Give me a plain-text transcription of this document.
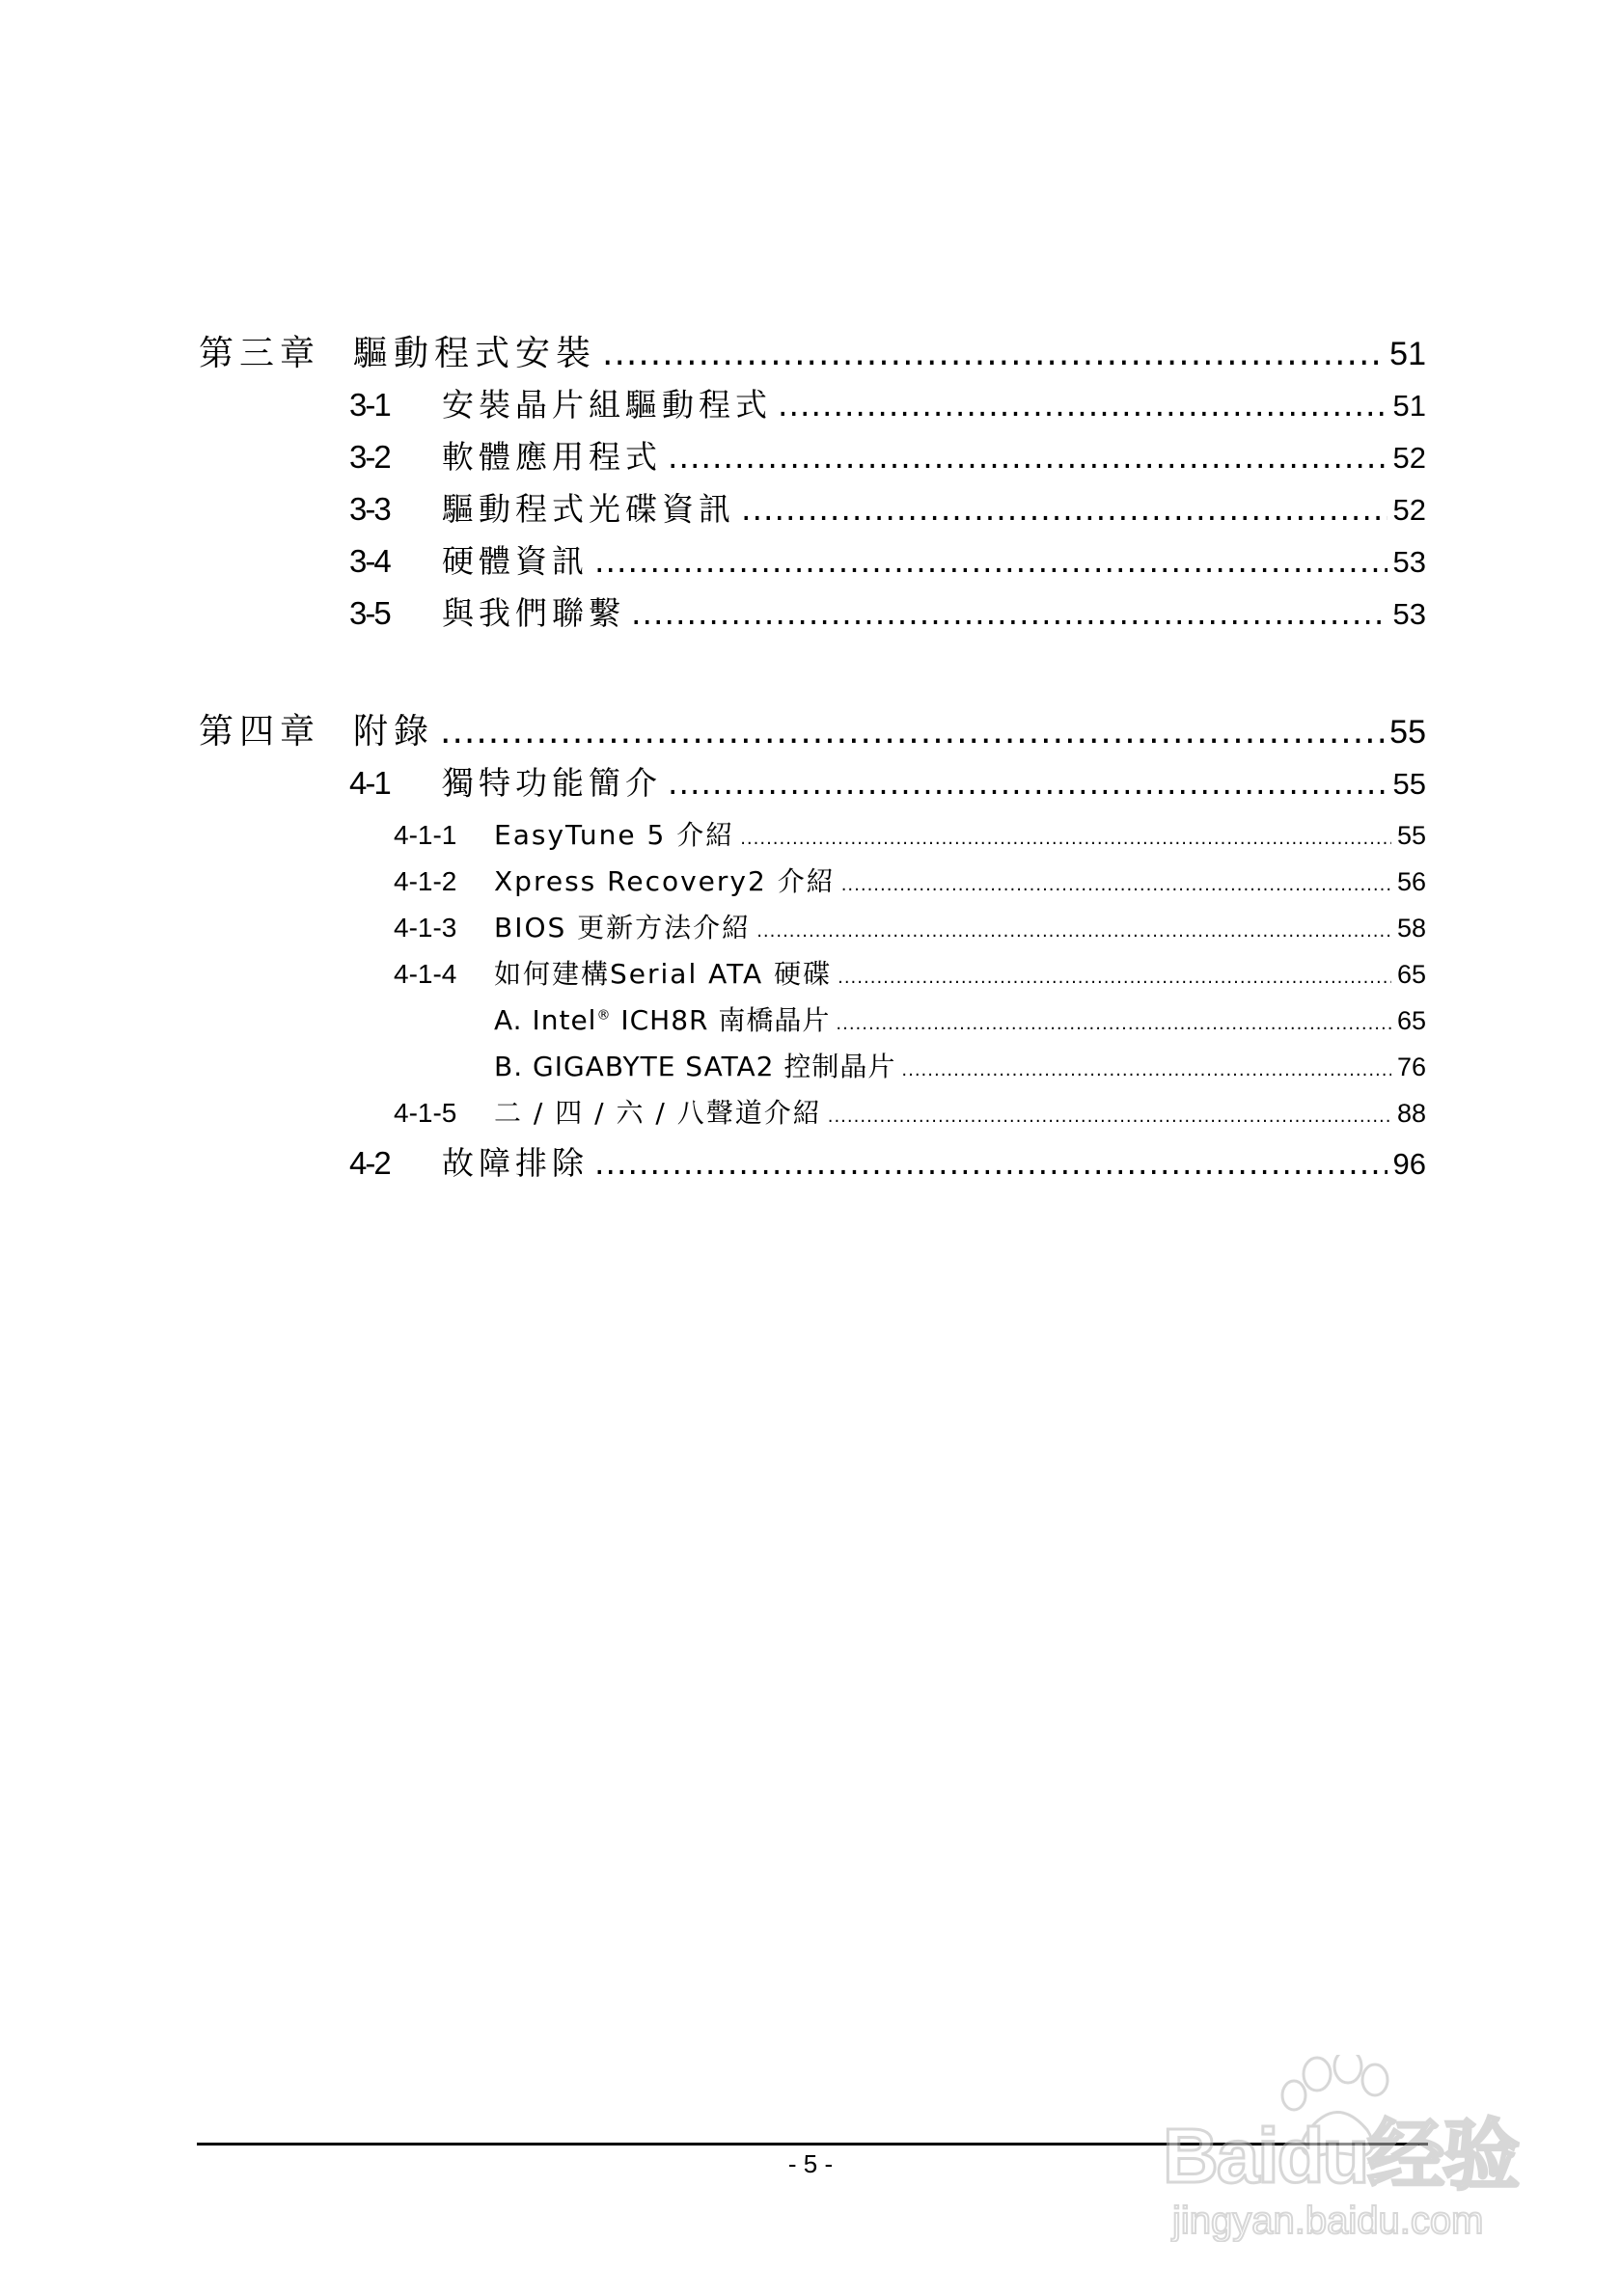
第三章 驅動程式安裝 .....	51
3-1 安裝晶片組驅動程式 .....	51
3-2 軟體應用程式 .....	52
3-3 驅動程式光碟資訊 .....	52
3-4 硬體資訊 .....	53
3-5 與我們聯繫 .....	53
第四章 附錄 .....	55
4-1 獨特功能簡介 .....	55
4-1-1 EasyTune 5 介紹 .....	55
4-1-2 Xpress Recovery2 介紹 .....	56
4-1-3 BIOS 更新方法介紹 .....	58
4-1-4 如何建構Serial ATA 硬碟 .....	65
A. Intel® ICH8R 南橋晶片 .....	65
B. GIGABYTE SATA2 控制晶片 .....	76
4-1-5 二 / 四 / 六 / 八聲道介紹 .....	88
4-2 故障排除 .....	96
- 5 -	Baidu经验
jingyan.baidu.com
